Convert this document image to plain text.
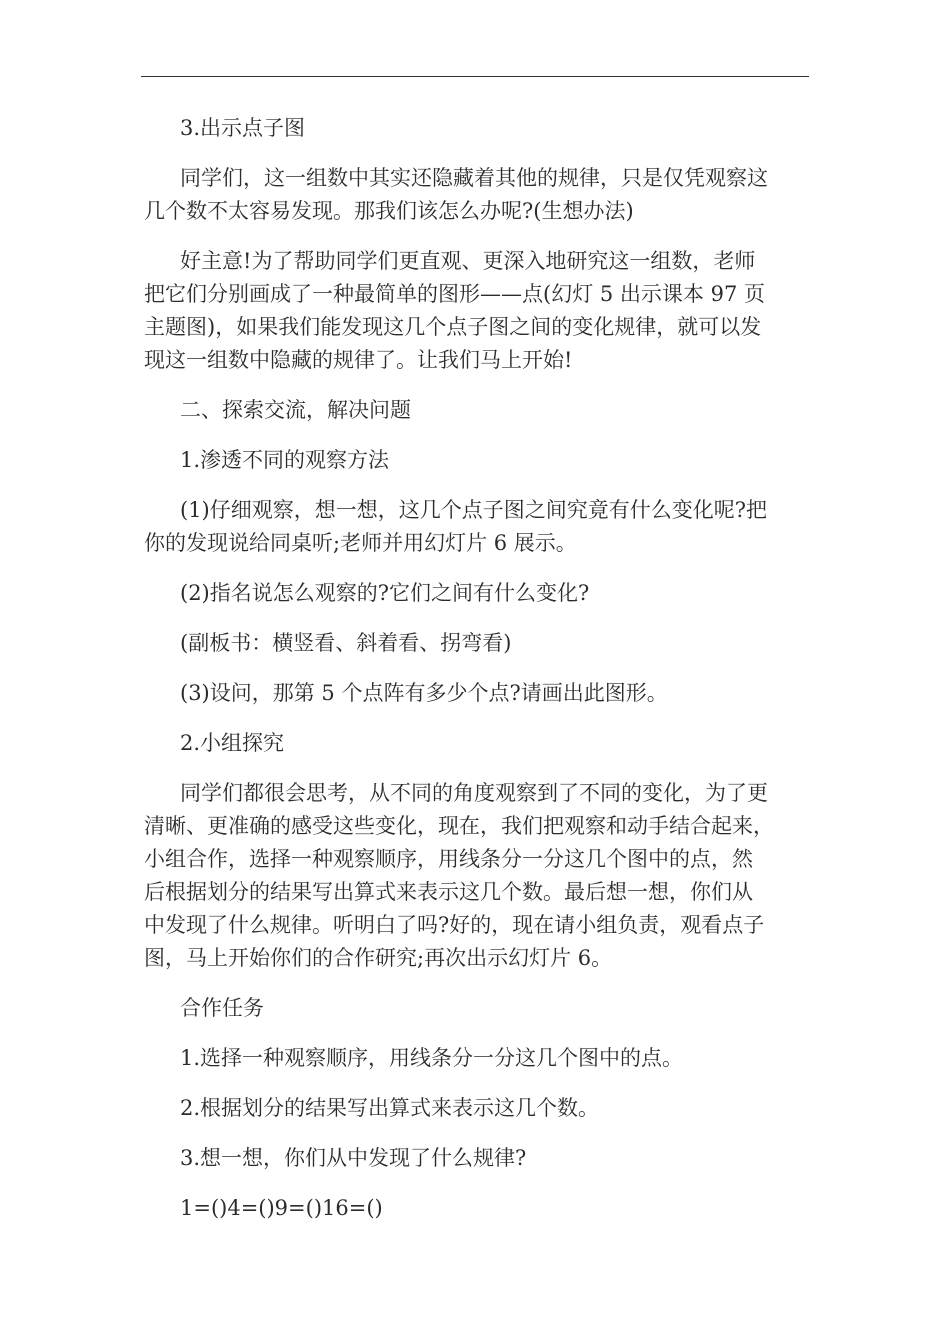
3.出示点子图

同学们，这一组数中其实还隐藏着其他的规律，只是仅凭观察这
几个数不太容易发现。那我们该怎么办呢?(生想办法)

好主意!为了帮助同学们更直观、更深入地研究这一组数，老师
把它们分别画成了一种最简单的图形——点(幻灯 5 出示课本 97 页
主题图)，如果我们能发现这几个点子图之间的变化规律，就可以发
现这一组数中隐藏的规律了。让我们马上开始!

二、探索交流，解决问题

1.渗透不同的观察方法

(1)仔细观察，想一想，这几个点子图之间究竟有什么变化呢?把
你的发现说给同桌听;老师并用幻灯片 6 展示。

(2)指名说怎么观察的?它们之间有什么变化?

(副板书：横竖看、斜着看、拐弯看)

(3)设问，那第 5 个点阵有多少个点?请画出此图形。

2.小组探究

同学们都很会思考，从不同的角度观察到了不同的变化，为了更
清晰、更准确的感受这些变化，现在，我们把观察和动手结合起来，
小组合作，选择一种观察顺序，用线条分一分这几个图中的点，然
后根据划分的结果写出算式来表示这几个数。最后想一想，你们从
中发现了什么规律。听明白了吗?好的，现在请小组负责，观看点子
图，马上开始你们的合作研究;再次出示幻灯片 6。

合作任务

1.选择一种观察顺序，用线条分一分这几个图中的点。

2.根据划分的结果写出算式来表示这几个数。

3.想一想，你们从中发现了什么规律?

1=()4=()9=()16=()
